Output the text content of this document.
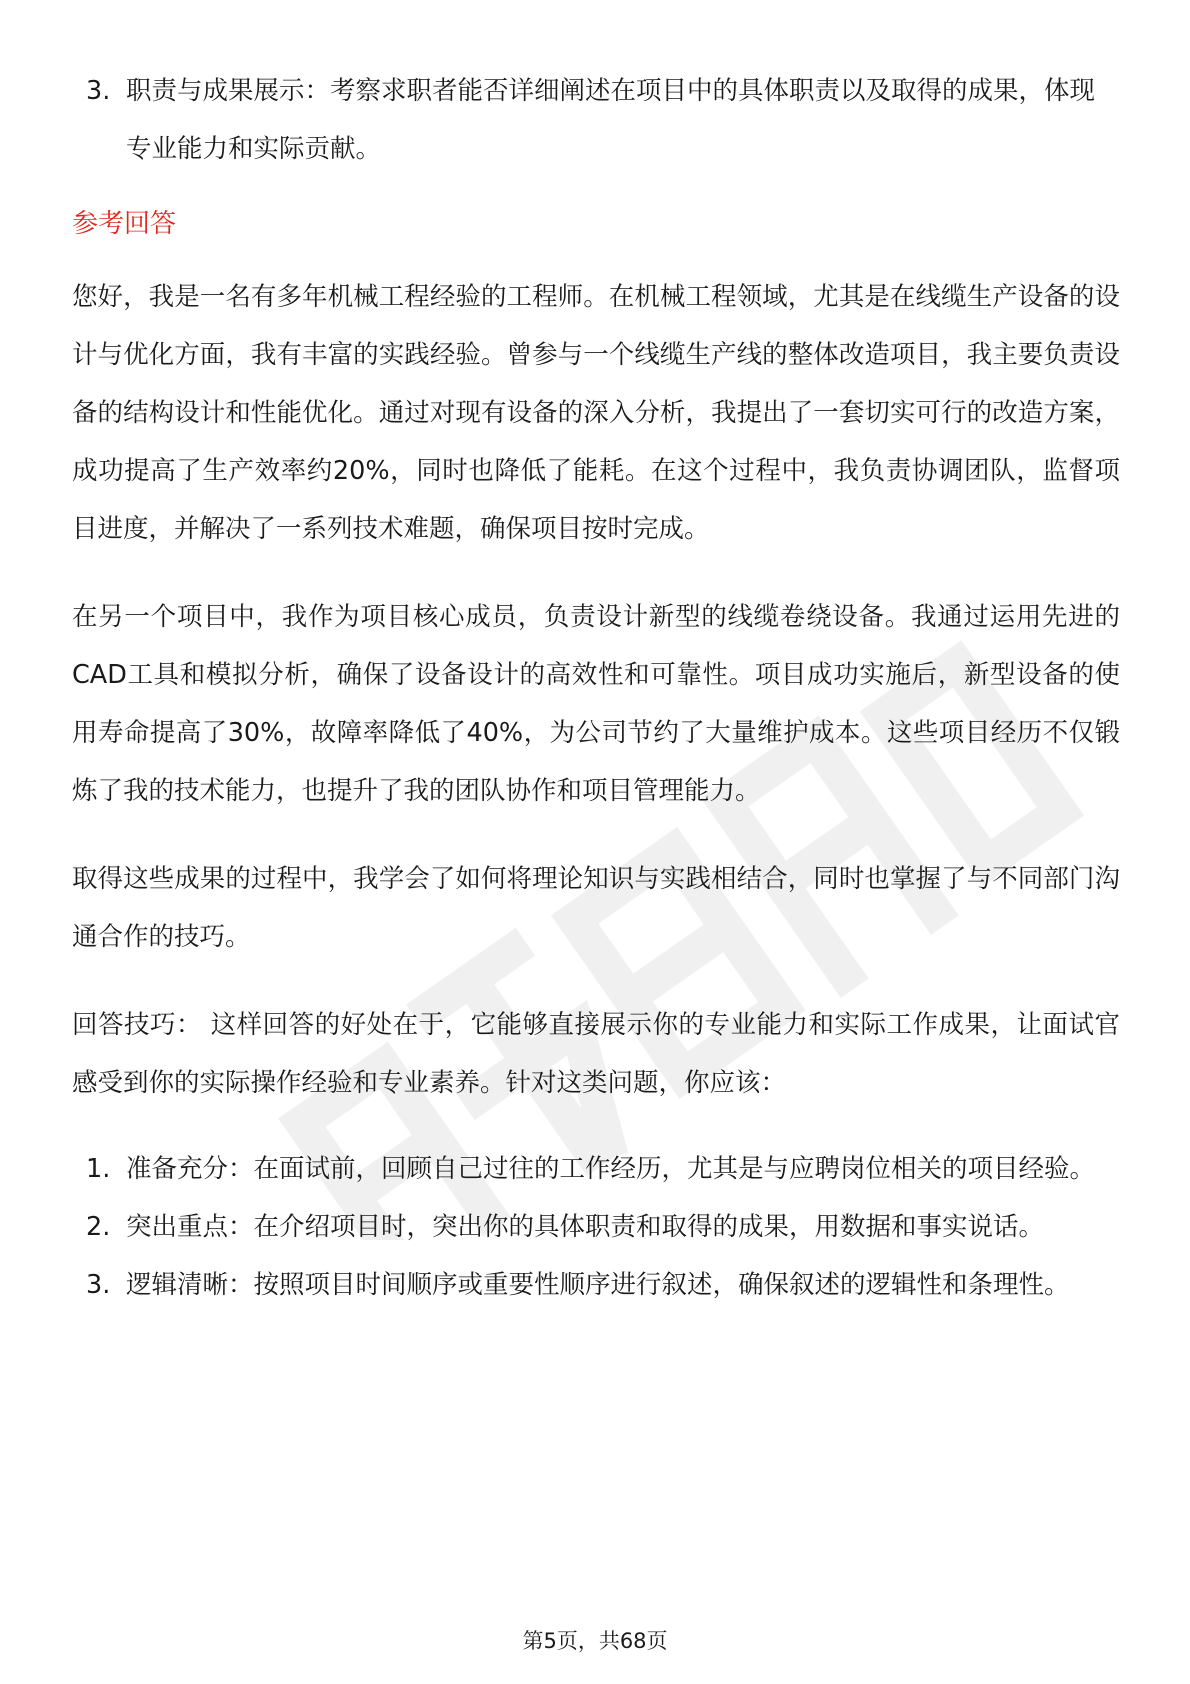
3. 职责与成果展示：考察求职者能否详细阐述在项目中的具体职责以及取得的成果，体现专业能力和实际贡献。
参考回答

您好，我是一名有多年机械工程经验的工程师。在机械工程领域，尤其是在线缆生产设备的设计与优化方面，我有丰富的实践经验。曾参与一个线缆生产线的整体改造项目，我主要负责设备的结构设计和性能优化。通过对现有设备的深入分析，我提出了一套切实可行的改造方案，成功提高了生产效率约20%，同时也降低了能耗。在这个过程中，我负责协调团队，监督项目进度，并解决了一系列技术难题，确保项目按时完成。

在另一个项目中，我作为项目核心成员，负责设计新型的线缆卷绕设备。我通过运用先进的CAD工具和模拟分析，确保了设备设计的高效性和可靠性。项目成功实施后，新型设备的使用寿命提高了30%，故障率降低了40%，为公司节约了大量维护成本。这些项目经历不仅锻炼了我的技术能力，也提升了我的团队协作和项目管理能力。

取得这些成果的过程中，我学会了如何将理论知识与实践相结合，同时也掌握了与不同部门沟通合作的技巧。

回答技巧： 这样回答的好处在于，它能够直接展示你的专业能力和实际工作成果，让面试官感受到你的实际操作经验和专业素养。针对这类问题，你应该：

1. 准备充分：在面试前，回顾自己过往的工作经历，尤其是与应聘岗位相关的项目经验。
2. 突出重点：在介绍项目时，突出你的具体职责和取得的成果，用数据和事实说话。
3. 逻辑清晰：按照项目时间顺序或重要性顺序进行叙述，确保叙述的逻辑性和条理性。
第5页，共68页
